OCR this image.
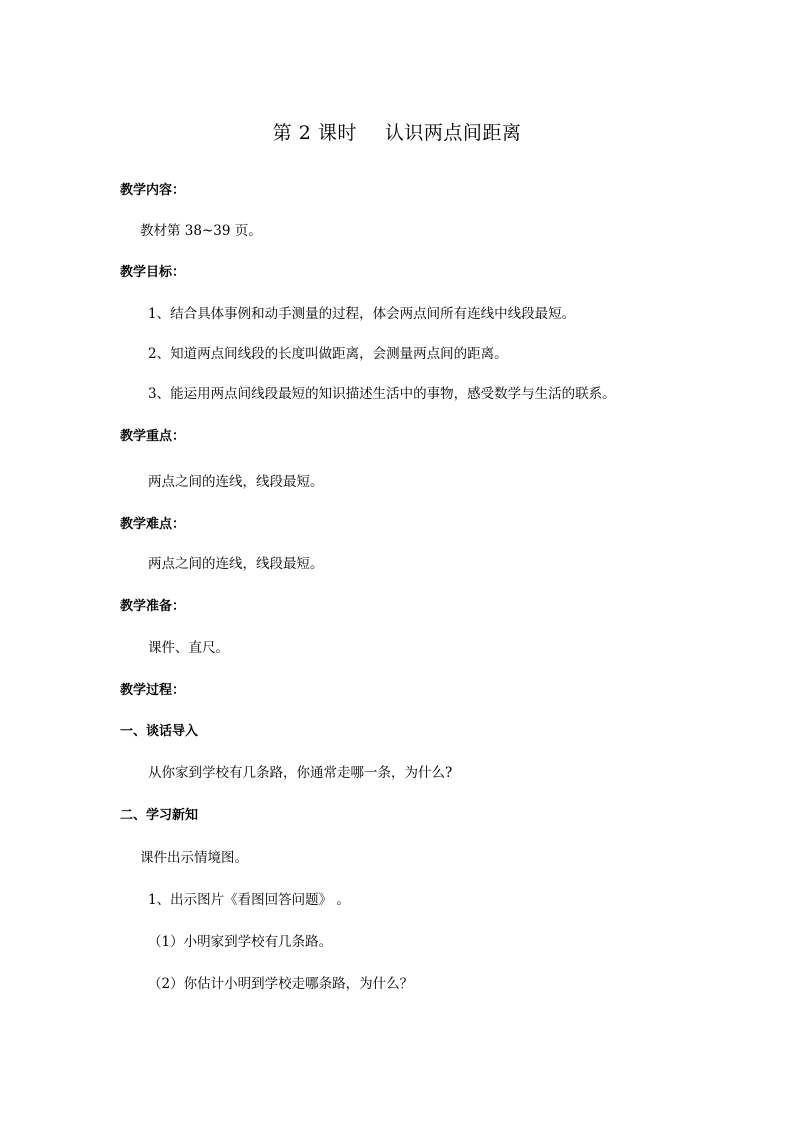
第 2 课时 认识两点间距离
教学内容：
教材第 38~39 页。
教学目标：
1、结合具体事例和动手测量的过程，体会两点间所有连线中线段最短。
2、知道两点间线段的长度叫做距离，会测量两点间的距离。
3、能运用两点间线段最短的知识描述生活中的事物，感受数学与生活的联系。
教学重点：
两点之间的连线，线段最短。
教学难点：
两点之间的连线，线段最短。
教学准备：
课件、直尺。
教学过程：
一、谈话导入
从你家到学校有几条路，你通常走哪一条，为什么?
二、学习新知
课件出示情境图。
1、出示图片《看图回答问题》 。
（1）小明家到学校有几条路。
（2）你估计小明到学校走哪条路，为什么？
